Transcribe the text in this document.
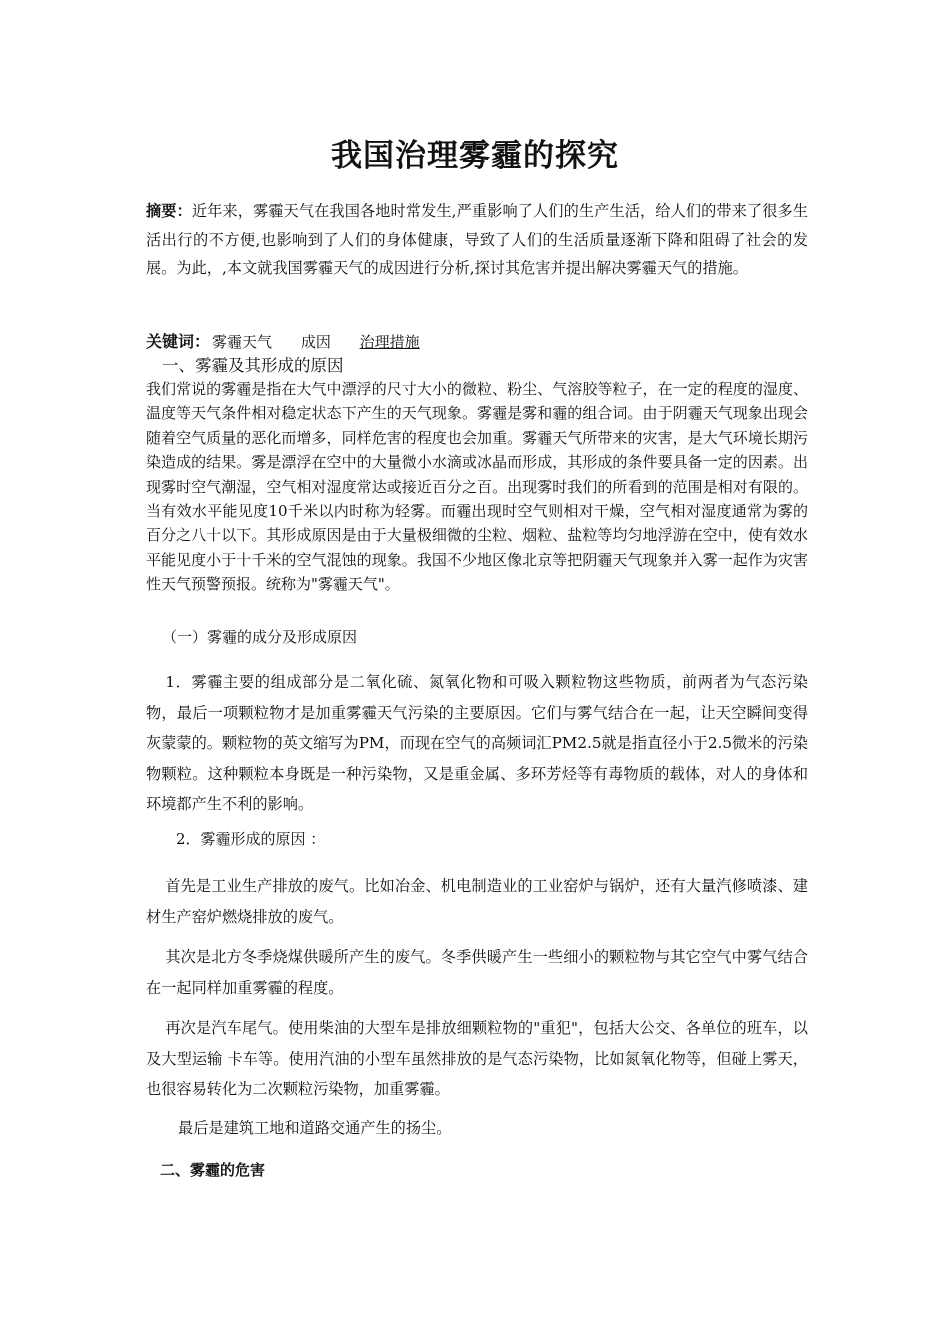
我国治理雾霾的探究
摘要：近年来，雾霾天气在我国各地时常发生,严重影响了人们的生产生活，给人们的带来了很多生活出行的不方便,也影响到了人们的身体健康，导致了人们的生活质量逐渐下降和阻碍了社会的发展。为此，,本文就我国雾霾天气的成因进行分析,探讨其危害并提出解决雾霾天气的措施。
关键词： 雾霾天气 成因 治理措施
一、雾霾及其形成的原因
我们常说的雾霾是指在大气中漂浮的尺寸大小的微粒、粉尘、气溶胶等粒子，在一定的程度的湿度、温度等天气条件相对稳定状态下产生的天气现象。雾霾是雾和霾的组合词。由于阴霾天气现象出现会随着空气质量的恶化而增多，同样危害的程度也会加重。雾霾天气所带来的灾害，是大气环境长期污染造成的结果。雾是漂浮在空中的大量微小水滴或冰晶而形成，其形成的条件要具备一定的因素。出现雾时空气潮湿，空气相对湿度常达或接近百分之百。出现雾时我们的所看到的范围是相对有限的。当有效水平能见度10千米以内时称为轻雾。而霾出现时空气则相对干燥，空气相对湿度通常为雾的百分之八十以下。其形成原因是由于大量极细微的尘粒、烟粒、盐粒等均匀地浮游在空中，使有效水平能见度小于十千米的空气混蚀的现象。我国不少地区像北京等把阴霾天气现象并入雾一起作为灾害性天气预警预报。统称为"雾霾天气"。
（一）雾霾的成分及形成原因
1．雾霾主要的组成部分是二氧化硫、氮氧化物和可吸入颗粒物这些物质，前两者为气态污染物，最后一项颗粒物才是加重雾霾天气污染的主要原因。它们与雾气结合在一起，让天空瞬间变得灰蒙蒙的。颗粒物的英文缩写为PM，而现在空气的高频词汇PM2.5就是指直径小于2.5微米的污染物颗粒。这种颗粒本身既是一种污染物，又是重金属、多环芳烃等有毒物质的载体，对人的身体和环境都产生不利的影响。
2．雾霾形成的原因 ：
首先是工业生产排放的废气。比如冶金、机电制造业的工业窑炉与锅炉，还有大量汽修喷漆、建材生产窑炉燃烧排放的废气。
其次是北方冬季烧煤供暖所产生的废气。冬季供暖产生一些细小的颗粒物与其它空气中雾气结合在一起同样加重雾霾的程度。
再次是汽车尾气。使用柴油的大型车是排放细颗粒物的"重犯"，包括大公交、各单位的班车，以及大型运输 卡车等。使用汽油的小型车虽然排放的是气态污染物，比如氮氧化物等，但碰上雾天，也很容易转化为二次颗粒污染物，加重雾霾。
最后是建筑工地和道路交通产生的扬尘。
二、雾霾的危害
